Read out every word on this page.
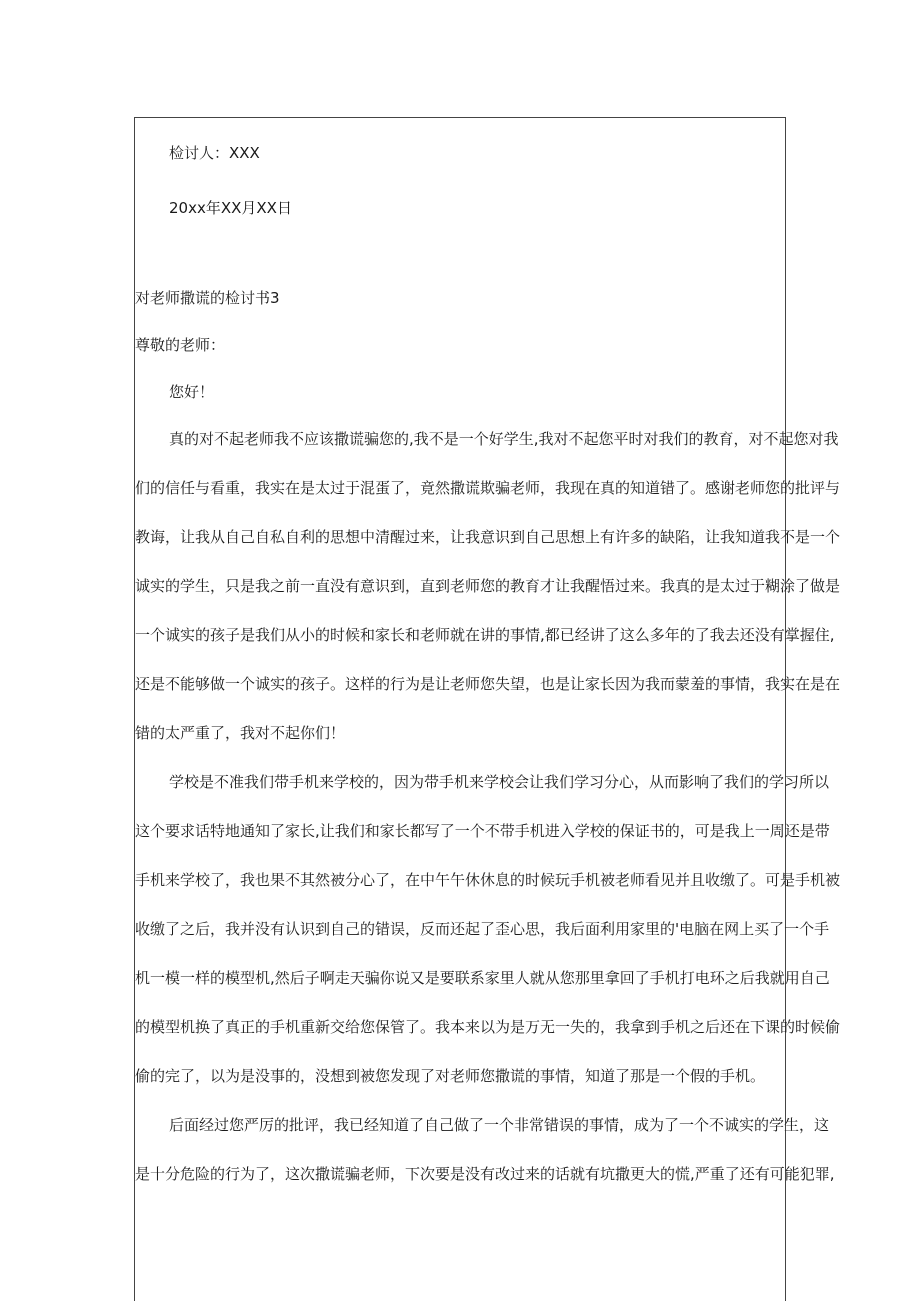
检讨人：XXX
20xx年XX月XX日
对老师撒谎的检讨书3
尊敬的老师：
您好！
真的对不起老师我不应该撒谎骗您的,我不是一个好学生,我对不起您平时对我们的教育，对不起您对我
们的信任与看重，我实在是太过于混蛋了，竟然撒谎欺骗老师，我现在真的知道错了。感谢老师您的批评与
教诲，让我从自己自私自利的思想中清醒过来，让我意识到自己思想上有许多的缺陷，让我知道我不是一个
诚实的学生，只是我之前一直没有意识到，直到老师您的教育才让我醒悟过来。我真的是太过于糊涂了做是
一个诚实的孩子是我们从小的时候和家长和老师就在讲的事情,都已经讲了这么多年的了我去还没有掌握住,
还是不能够做一个诚实的孩子。这样的行为是让老师您失望，也是让家长因为我而蒙羞的事情，我实在是在
错的太严重了，我对不起你们！
学校是不准我们带手机来学校的，因为带手机来学校会让我们学习分心，从而影响了我们的学习所以
这个要求话特地通知了家长,让我们和家长都写了一个不带手机进入学校的保证书的，可是我上一周还是带
手机来学校了，我也果不其然被分心了，在中午午休休息的时候玩手机被老师看见并且收缴了。可是手机被
收缴了之后，我并没有认识到自己的错误，反而还起了歪心思，我后面利用家里的'电脑在网上买了一个手
机一模一样的模型机,然后子啊走天骗你说又是要联系家里人就从您那里拿回了手机打电环之后我就用自己
的模型机换了真正的手机重新交给您保管了。我本来以为是万无一失的，我拿到手机之后还在下课的时候偷
偷的完了，以为是没事的，没想到被您发现了对老师您撒谎的事情，知道了那是一个假的手机。
后面经过您严厉的批评，我已经知道了自己做了一个非常错误的事情，成为了一个不诚实的学生，这
是十分危险的行为了，这次撒谎骗老师，下次要是没有改过来的话就有坑撒更大的慌,严重了还有可能犯罪,
